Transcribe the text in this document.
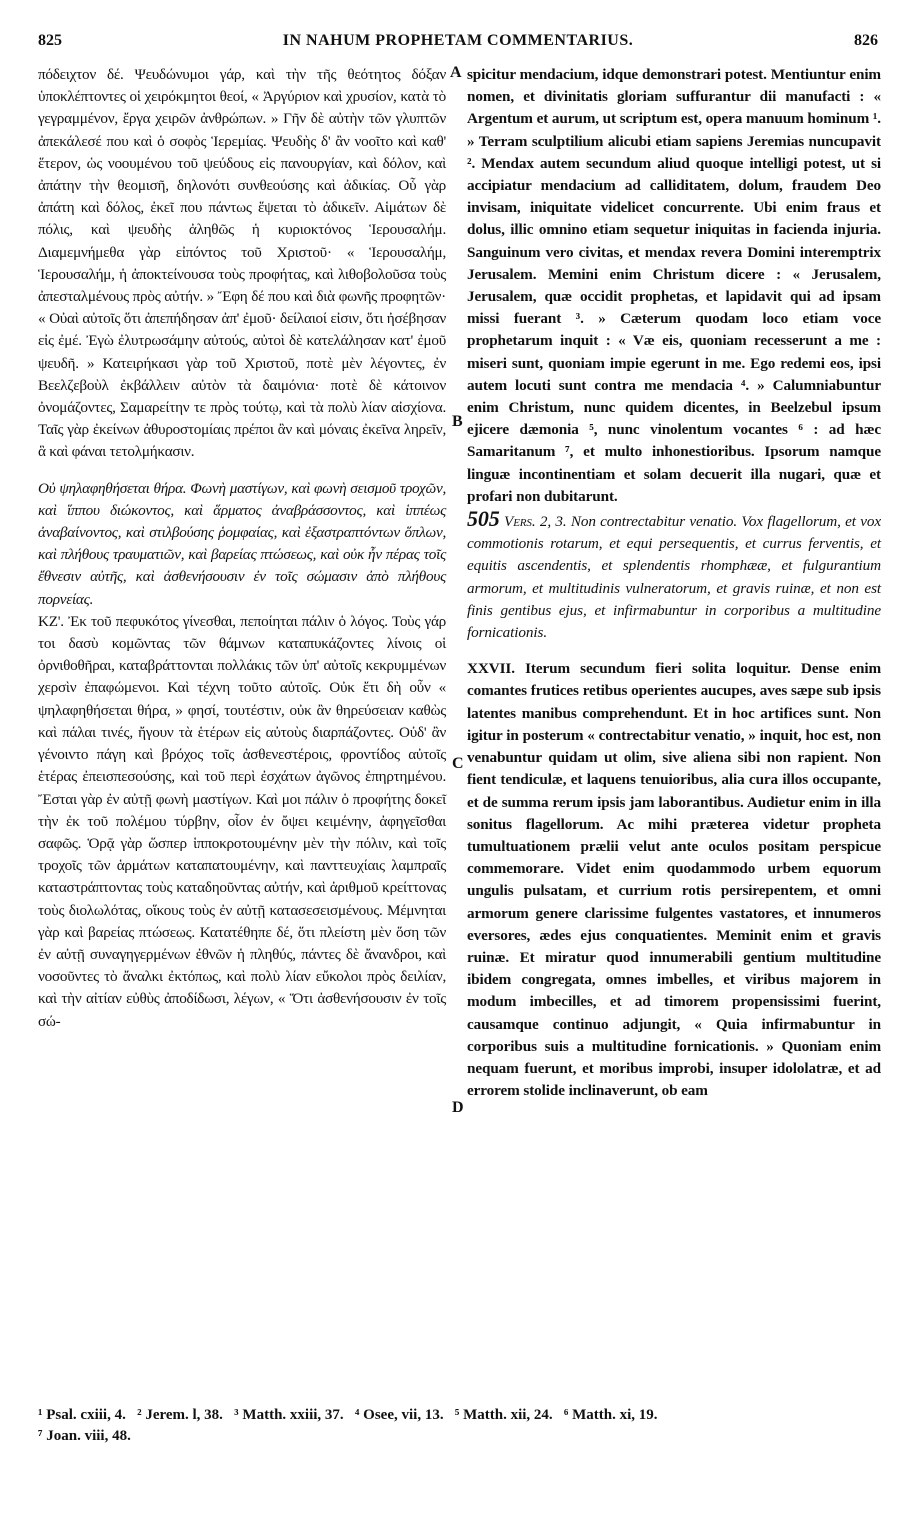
825	IN NAHUM PROPHETAM COMMENTARIUS.	826

πόδειχτον δέ. Ψευδώνυμοι γάρ, καὶ τὴν τῆς θεότητος δόξαν ὑποκλέπτοντες οἱ χειρόκμητοι θεοί, « Ἀργύριον καὶ χρυσίον, κατὰ τὸ γεγραμμένον, ἔργα χειρῶν ἀνθρώπων. » Γῆν δὲ αὐτὴν τῶν γλυπτῶν ἀπεκάλεσέ που καὶ ὁ σοφὸς Ἱερεμίας. Ψευδὴς δ' ἂν νοοῖτο καὶ καθ' ἕτερον, ὡς νοουμένου τοῦ ψεύδους εἰς πανουργίαν, καὶ δόλον, καὶ ἀπάτην τὴν θεομισῆ, δηλονότι συνθεούσης καὶ ἀδικίας. Οὗ γὰρ ἀπάτη καὶ δόλος, ἐκεῖ που πάντως ἕψεται τὸ ἀδικεῖν. Αἱμάτων δὲ πόλις, καὶ ψευδὴς ἀληθῶς ἡ κυριοκτόνος Ἱερουσαλήμ. Διαμεμνήμεθα γὰρ εἰπόντος τοῦ Χριστοῦ· « Ἱερουσαλήμ, Ἱερουσαλήμ, ἡ ἀποκτείνουσα τοὺς προφήτας, καὶ λιθοβολοῦσα τοὺς ἀπεσταλμένους πρὸς αὐτήν. » Ἔφη δέ που καὶ διὰ φωνῆς προφητῶν· « Οὐαὶ αὐτοῖς ὅτι ἀπεπήδησαν ἀπ' ἐμοῦ· δείλαιοί εἰσιν, ὅτι ἠσέβησαν εἰς ἐμέ. Ἐγὼ ἐλυτρωσάμην αὐτούς, αὐτοὶ δὲ κατελάλησαν κατ' ἐμοῦ ψευδῆ. » Κατειρήκασι γὰρ τοῦ Χριστοῦ, ποτὲ μὲν λέγοντες, ἐν Βεελζεβοὺλ ἐκβάλλειν αὐτὸν τὰ δαιμόνια· ποτὲ δὲ κάτοινον ὀνομάζοντες, Σαμαρείτην τε πρὸς τούτῳ, καὶ τὰ πολὺ λίαν αἰσχίονα. Ταῖς γὰρ ἐκείνων ἀθυροστομίαις πρέποι ἂν καὶ μόναις ἐκεῖνα ληρεῖν, ἃ καὶ φάναι τετολμήκασιν.

Οὐ ψηλαφηθήσεται θήρα. Φωνὴ μαστίγων, καὶ φωνὴ σεισμοῦ τροχῶν, καὶ ἵππου διώκοντος, καὶ ἅρματος ἀναβράσσοντος, καὶ ἱππέως ἀναβαίνοντος, καὶ στιλβούσης ῥομφαίας, καὶ ἐξαστραπτόντων ὅπλων, καὶ πλήθους τραυματιῶν, καὶ βαρείας πτώσεως, καὶ οὐκ ἦν πέρας τοῖς ἔθνεσιν αὐτῆς, καὶ ἀσθενήσουσιν ἐν τοῖς σώμασιν ἀπὸ πλήθους πορνείας.

ΚΖ'. Ἐκ τοῦ πεφυκότος γίνεσθαι, πεποίηται πάλιν ὁ λόγος. Τοὺς γάρ τοι δασὺ κομῶντας τῶν θάμνων καταπυκάζοντες λίνοις οἱ ὀρνιθοθῆραι, καταβράττονται πολλάκις τῶν ὑπ' αὐτοῖς κεκρυμμένων χερσὶν ἐπαφώμενοι. Καὶ τέχνη τοῦτο αὐτοῖς. Οὐκ ἔτι δὴ οὖν « ψηλαφηθήσεται θήρα, » φησί, τουτέστιν, οὐκ ἂν θηρεύσειαν καθὼς καὶ πάλαι τινές, ἤγουν τὰ ἑτέρων εἰς αὐτοὺς διαρπάζοντες. Οὐδ' ἂν γένοιντο πάγη καὶ βρόχος τοῖς ἀσθενεστέροις, φροντίδος αὐτοῖς ἑτέρας ἐπεισπεσούσης, καὶ τοῦ περὶ ἐσχάτων ἀγῶνος ἐπηρτημένου. Ἔσται γὰρ ἐν αὐτῇ φωνὴ μαστίγων. Καὶ μοι πάλιν ὁ προφήτης δοκεῖ τὴν ἐκ τοῦ πολέμου τύρβην, οἷον ἐν ὄψει κειμένην, ἀφηγεῖσθαι σαφῶς. Ὁρᾷ γὰρ ὥσπερ ἱπποκροτουμένην μὲν τὴν πόλιν, καὶ τοῖς τροχοῖς τῶν ἁρμάτων καταπατουμένην, καὶ πανττευχίαις λαμπραῖς καταστράπτοντας τοὺς καταδηοῦντας αὐτήν, καὶ ἀριθμοῦ κρείττονας τοὺς διολωλότας, οἵκους τοὺς ἐν αὐτῇ κατασεσεισμένους. Μέμνηται γὰρ καὶ βαρείας πτώσεως. Κατατέθηπε δέ, ὅτι πλείστη μὲν ὅση τῶν ἐν αὐτῇ συναγηγερμένων ἐθνῶν ἡ πληθύς, πάντες δὲ ἄνανδροι, καὶ νοσοῦντες τὸ ἄναλκι ἐκτόπως, καὶ πολὺ λίαν εὔκολοι πρὸς δειλίαν, καὶ τὴν αἰτίαν εὐθὺς ἀποδίδωσι, λέγων, « Ὅτι ἀσθενήσουσιν ἐν τοῖς σώ-

spicitur mendacium, idque demonstrari potest. Mentiuntur enim nomen, et divinitatis gloriam suffurantur dii manufacti : « Argentum et aurum, ut scriptum est, opera manuum hominum ¹. » Terram sculptilium alicubi etiam sapiens Jeremias nuncupavit ². Mendax autem secundum aliud quoque intelligi potest, ut si accipiatur mendacium ad calliditatem, dolum, fraudem Deo invisam, iniquitate videlicet concurrente. Ubi enim fraus et dolus, illic omnino etiam sequetur iniquitas in facienda injuria. Sanguinum vero civitas, et mendax revera Domini interemptrix Jerusalem. Memini enim Christum dicere : « Jerusalem, Jerusalem, quæ occidit prophetas, et lapidavit qui ad ipsam missi fuerant ³. » Cæterum quodam loco etiam voce prophetarum inquit : « Væ eis, quoniam recesserunt a me : miseri sunt, quoniam impie egerunt in me. Ego redemi eos, ipsi autem locuti sunt contra me mendacia ⁴. » Calumniabuntur enim Christum, nunc quidem dicentes, in Beelzebul ipsum ejicere dæmonia ⁵, nunc vinolentum vocantes ⁶ : ad hæc Samaritanum ⁷, et multo inhonestioribus. Ipsorum namque linguæ incontinentiam et solam decuerit illa nugari, quæ et profari non dubitarunt.

505 Vers. 2, 3. Non contrectabitur venatio. Vox flagellorum, et vox commotionis rotarum, et equi persequentis, et currus ferventis, et equitis ascendentis, et splendentis rhomphææ, et fulgurantium armorum, et multitudinis vulneratorum, et gravis ruinæ, et non est finis gentibus ejus, et infirmabuntur in corporibus a multitudine fornicationis.

XXVII. Iterum secundum fieri solita loquitur. Dense enim comantes frutices retibus operientes aucupes, aves sæpe sub ipsis latentes manibus comprehendunt. Et in hoc artifices sunt. Non igitur in posterum « contrectabitur venatio, » inquit, hoc est, non venabuntur quidam ut olim, sive aliena sibi non rapient. Non fient tendiculæ, et laquens tenuioribus, alia cura illos occupante, et de summa rerum ipsis jam laborantibus. Audietur enim in illa sonitus flagellorum. Ac mihi præterea videtur propheta tumultuationem prælii velut ante oculos positam perspicue commemorare. Videt enim quodammodo urbem equorum ungulis pulsatam, et currium rotis persirepentem, et omni armorum genere clarissime fulgentes vastatores, et innumeros eversores, ædes ejus conquatientes. Meminit enim et gravis ruinæ. Et miratur quod innumerabili gentium multitudine ibidem congregata, omnes imbelles, et viribus majorem in modum imbecilles, et ad timorem propensissimi fuerint, causamque continuo adjungit, « Quia infirmabuntur in corporibus suis a multitudine fornicationis. » Quoniam enim nequam fuerunt, et moribus improbi, insuper idololatræ, et ad errorem stolide inclinaverunt, ob eam

A
B
C
D

¹ Psal. cxiii, 4.   ² Jerem. l, 38.   ³ Matth. xxiii, 37.   ⁴ Osee, vii, 13.   ⁵ Matth. xii, 24.   ⁶ Matth. xi, 19.

⁷ Joan. viii, 48.
